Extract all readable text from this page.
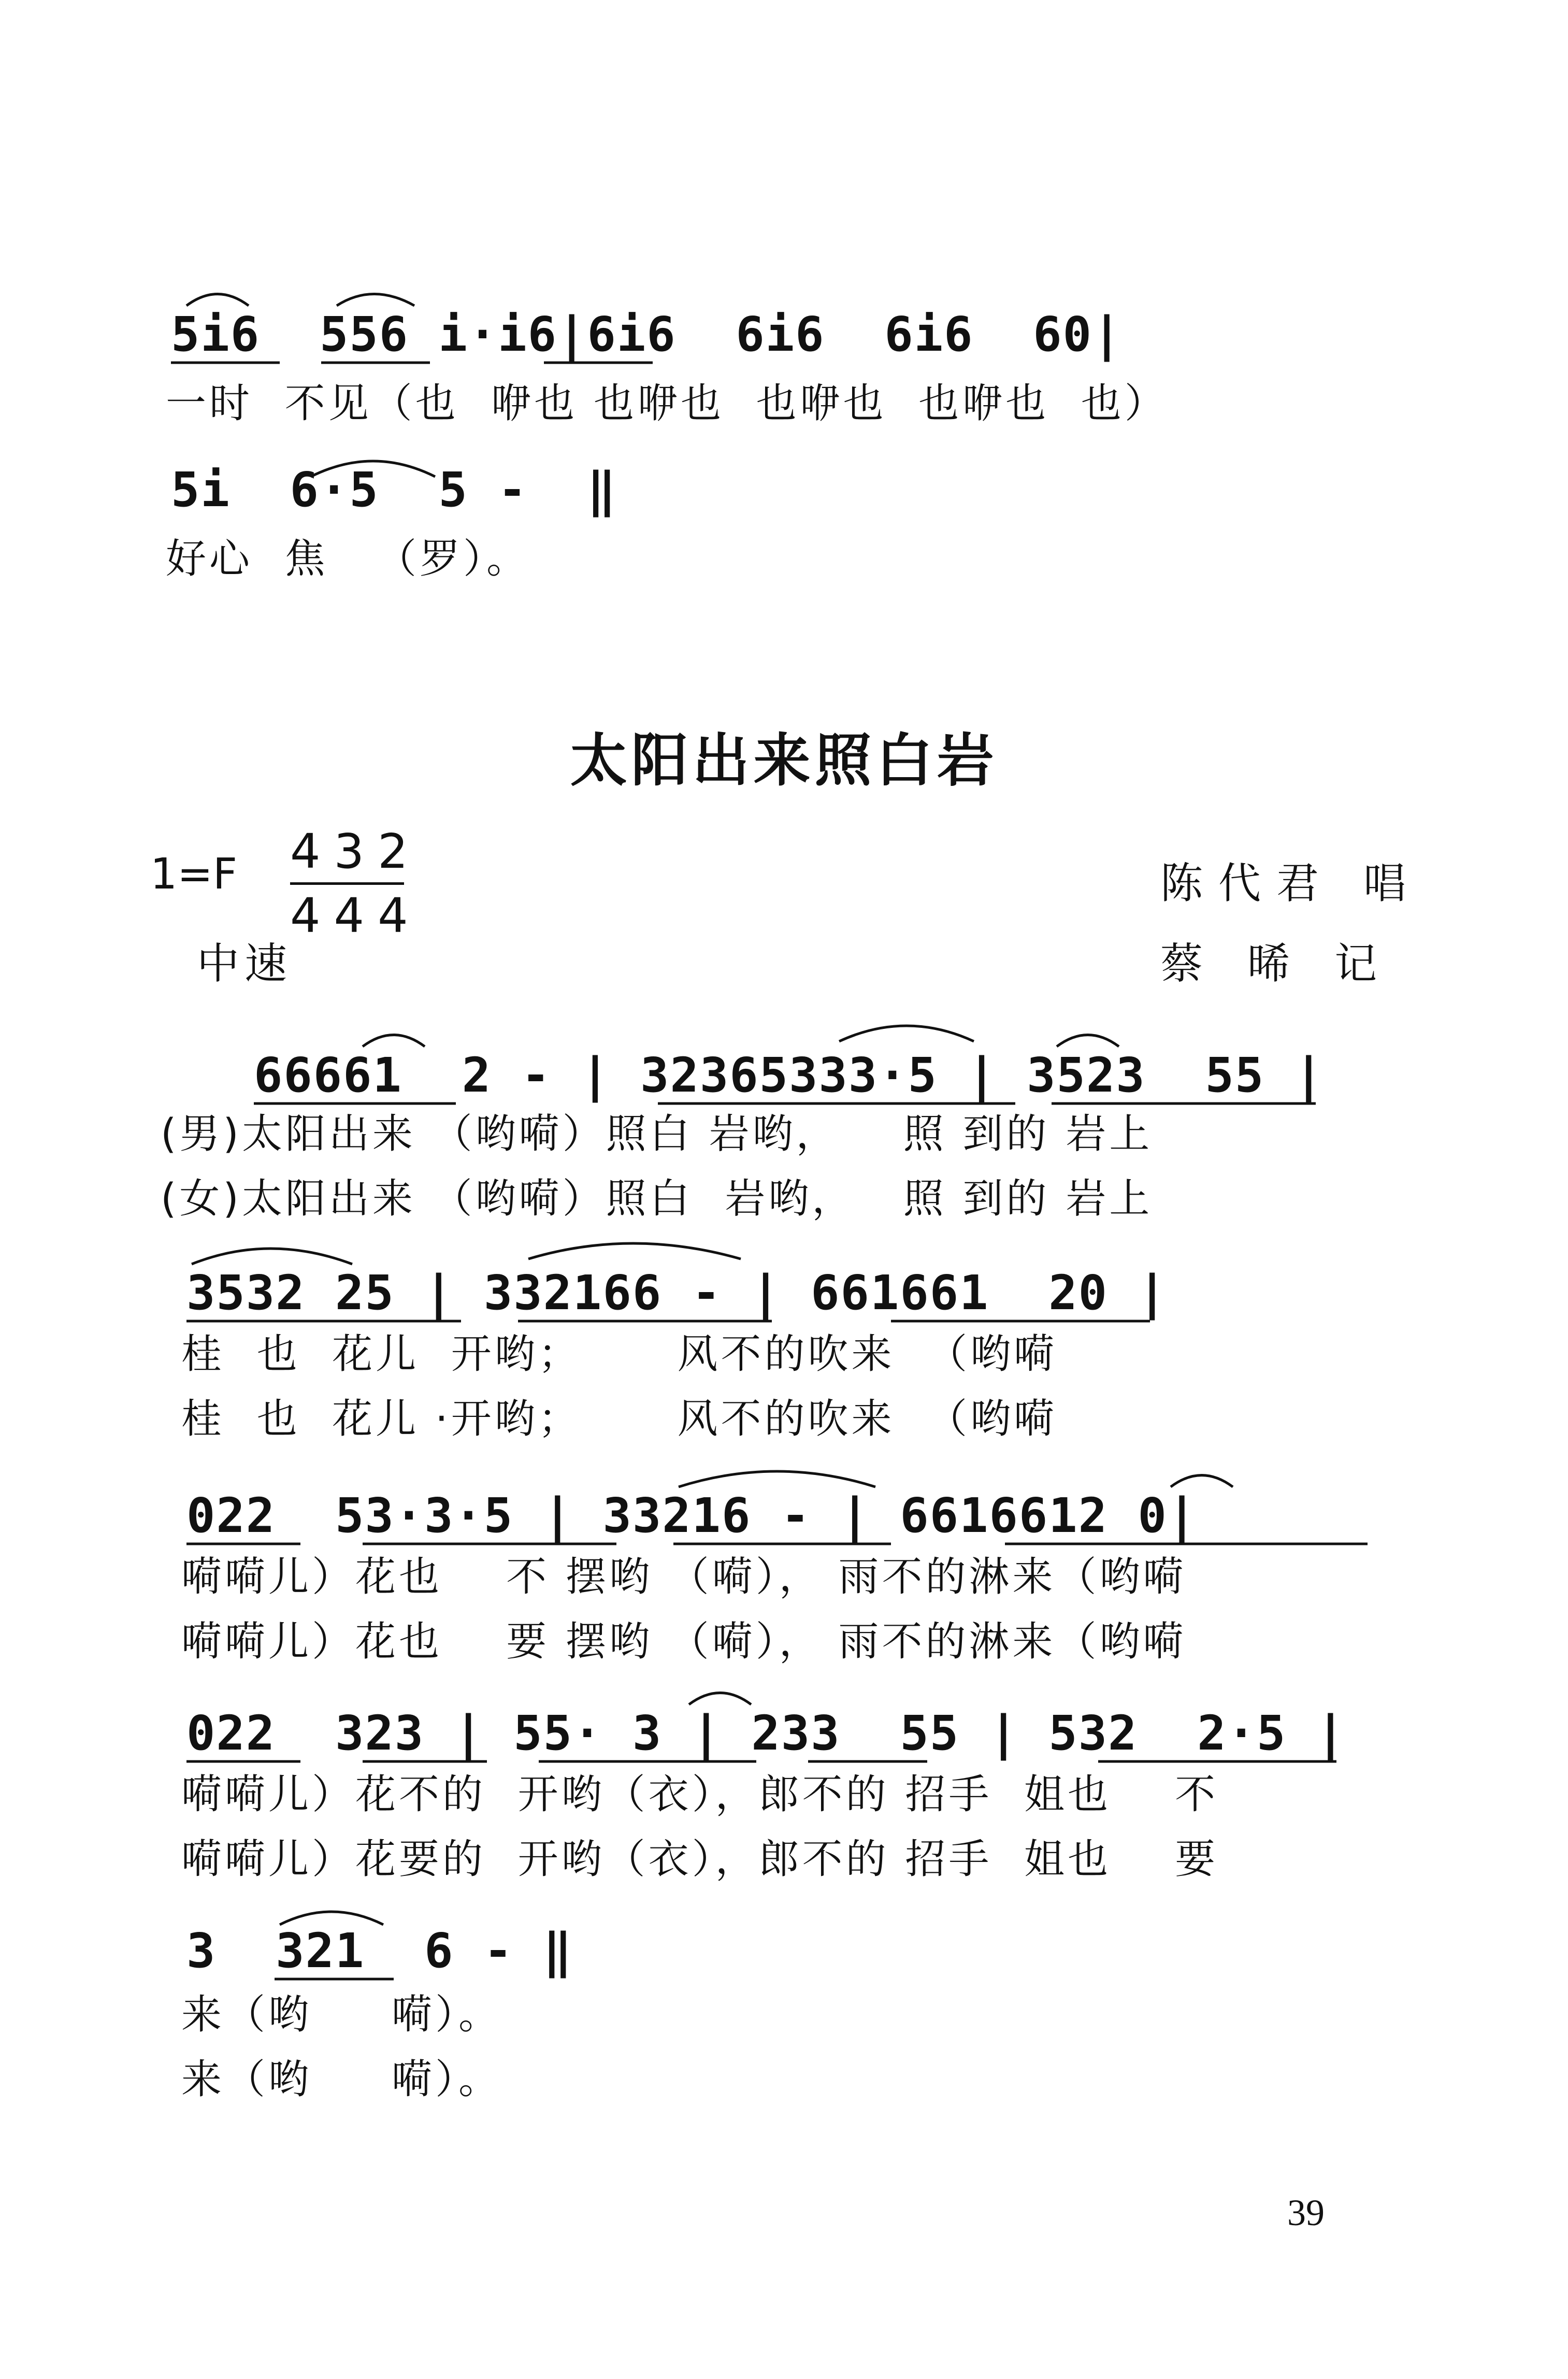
5i6  556 i·i6|6i6  6i6  6i6  60|
一时  不见（也  咿也 也咿也  也咿也  也咿也  也）
5i  6·5  5 -  ‖
好心  焦   （罗）。
太阳出来照白岩
1=F 432
444
中速
陈代君 唱
蔡 晞 记
66661  2 - | 32365333·5 | 3523  55 |
(男)太阳出来 （哟嗬）照白 岩哟，    照 到的 岩上
(女)太阳出来 （哟嗬）照白  岩哟，   照 到的 岩上
3532 25 | 332166 - | 661661  20 |
桂  也  花儿  开哟；      风不的吹来  （哟嗬
桂  也  花儿 ·开哟；      风不的吹来  （哟嗬
022  53·3·5 | 33216 - | 6616612 0|
嗬嗬儿）花也    不 摆哟 （嗬）， 雨不的淋来（哟嗬
嗬嗬儿）花也    要 摆哟 （嗬）， 雨不的淋来（哟嗬
022  323 | 55· 3 | 233  55 | 532  2·5 |
嗬嗬儿）花不的  开哟（衣），郎不的 招手  姐也    不
嗬嗬儿）花要的  开哟（衣），郎不的 招手  姐也    要
3  321  6 - ‖
来（哟     嗬）。
来（哟     嗬）。
39
